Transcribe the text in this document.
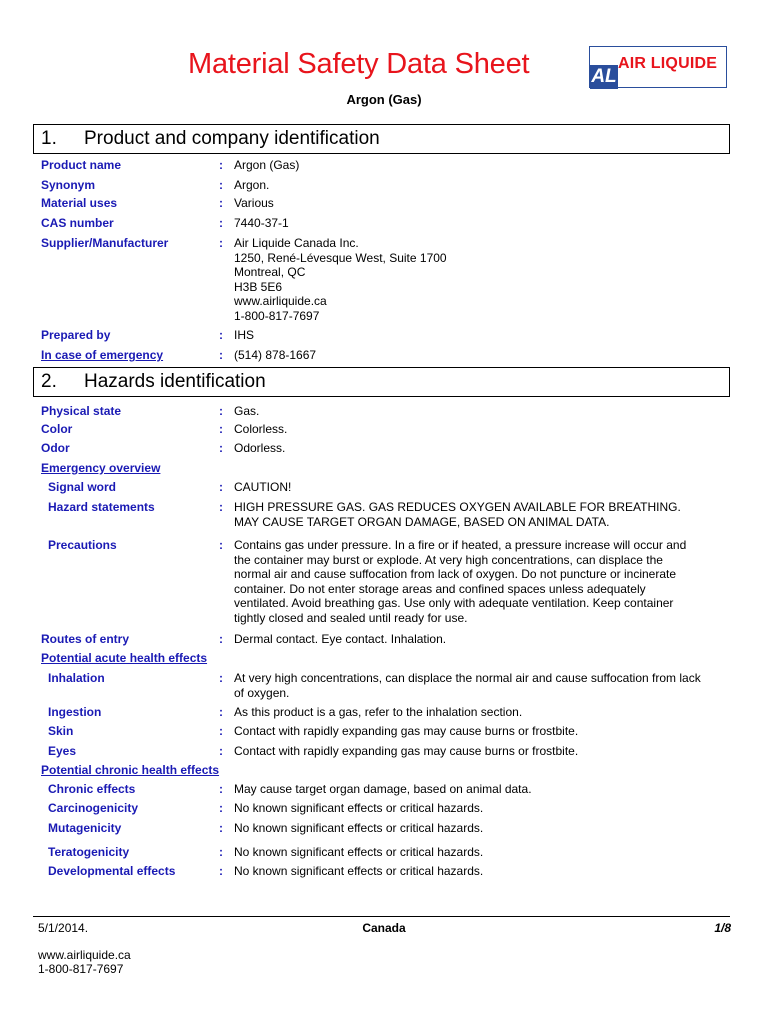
Material Safety Data Sheet	AL
AIR LIQUIDE
Argon (Gas)
1. Product and company identification
Product name	: Argon (Gas)
Synonym	: Argon.
Material uses	: Various
CAS number	: 7440-37-1
Supplier/Manufacturer	: Air Liquide Canada Inc.
1250, René-Lévesque West, Suite 1700
Montreal, QC
H3B 5E6
www.airliquide.ca
1-800-817-7697
Prepared by	: IHS
In case of emergency	: (514) 878-1667
2. Hazards identification
Physical state	: Gas.
Color	: Colorless.
Odor	: Odorless.
Emergency overview
Signal word	: CAUTION!
Hazard statements	: HIGH PRESSURE GAS. GAS REDUCES OXYGEN AVAILABLE FOR BREATHING.
MAY CAUSE TARGET ORGAN DAMAGE, BASED ON ANIMAL DATA.
Precautions	: Contains gas under pressure. In a fire or if heated, a pressure increase will occur and
the container may burst or explode. At very high concentrations, can displace the
normal air and cause suffocation from lack of oxygen. Do not puncture or incinerate
container. Do not enter storage areas and confined spaces unless adequately
ventilated. Avoid breathing gas. Use only with adequate ventilation. Keep container
tightly closed and sealed until ready for use.
Routes of entry	: Dermal contact. Eye contact. Inhalation.
Potential acute health effects
Inhalation	: At very high concentrations, can displace the normal air and cause suffocation from lack
of oxygen.
Ingestion	: As this product is a gas, refer to the inhalation section.
Skin	: Contact with rapidly expanding gas may cause burns or frostbite.
Eyes	: Contact with rapidly expanding gas may cause burns or frostbite.
Potential chronic health effects
Chronic effects	: May cause target organ damage, based on animal data.
Carcinogenicity	: No known significant effects or critical hazards.
Mutagenicity	: No known significant effects or critical hazards.
Teratogenicity	: No known significant effects or critical hazards.
Developmental effects	: No known significant effects or critical hazards.
5/1/2014.	Canada	1/8
www.airliquide.ca
1-800-817-7697
